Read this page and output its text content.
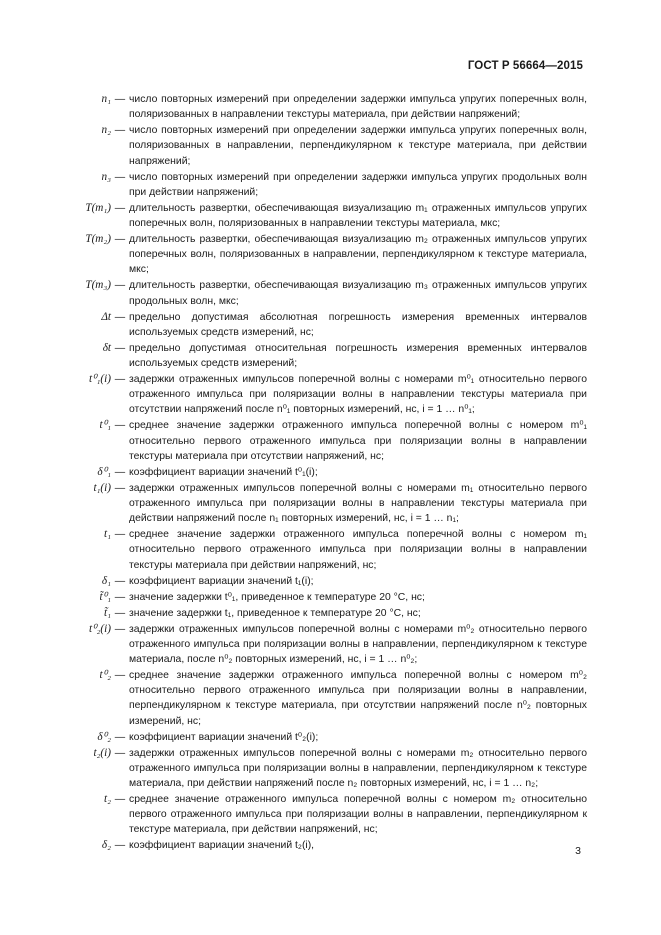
ГОСТ Р 56664—2015
n₁ — число повторных измерений при определении задержки импульса упругих поперечных волн, поляризованных в направлении текстуры материала, при действии напряжений;
n₂ — число повторных измерений при определении задержки импульса упругих поперечных волн, поляризованных в направлении, перпендикулярном к текстуре материала, при действии напряжений;
n₃ — число повторных измерений при определении задержки импульса упругих продольных волн при действии напряжений;
T(m₁) — длительность развертки, обеспечивающая визуализацию m₁ отраженных импульсов упругих поперечных волн, поляризованных в направлении текстуры материала, мкс;
T(m₂) — длительность развертки, обеспечивающая визуализацию m₂ отраженных импульсов упругих поперечных волн, поляризованных в направлении, перпендикулярном к текстуре материала, мкс;
T(m₃) — длительность развертки, обеспечивающая визуализацию m₃ отраженных импульсов упругих продольных волн, мкс;
Δt — предельно допустимая абсолютная погрешность измерения временных интервалов используемых средств измерений, нс;
δt — предельно допустимая относительная погрешность измерения временных интервалов используемых средств измерений;
t⁰₁(i) — задержки отраженных импульсов поперечной волны с номерами m⁰₁ относительно первого отраженного импульса при поляризации волны в направлении текстуры материала при отсутствии напряжений после n⁰₁ повторных измерений, нс, i = 1 … n⁰₁;
t⁰₁ — среднее значение задержки отраженного импульса поперечной волны с номером m⁰₁ относительно первого отраженного импульса при поляризации волны в направлении текстуры материала при отсутствии напряжений, нс;
δ⁰₁ — коэффициент вариации значений t⁰₁(i);
t₁(i) — задержки отраженных импульсов поперечной волны с номерами m₁ относительно первого отраженного импульса при поляризации волны в направлении текстуры материала при действии напряжений после n₁ повторных измерений, нс, i = 1 … n₁;
t₁ — среднее значение задержки отраженного импульса поперечной волны с номером m₁ относительно первого отраженного импульса при поляризации волны в направлении текстуры материала при действии напряжений, нс;
δ₁ — коэффициент вариации значений t₁(i);
t̃⁰₁ — значение задержки t⁰₁, приведенное к температуре 20 °С, нс;
t̃₁ — значение задержки t₁, приведенное к температуре 20 °С, нс;
t⁰₂(i) — задержки отраженных импульсов поперечной волны с номерами m⁰₂ относительно первого отраженного импульса при поляризации волны в направлении, перпендикулярном к текстуре материала, после n⁰₂ повторных измерений, нс, i = 1 … n⁰₂;
t⁰₂ — среднее значение задержки отраженного импульса поперечной волны с номером m⁰₂ относительно первого отраженного импульса при поляризации волны в направлении, перпендикулярном к текстуре материала, при отсутствии напряжений после n⁰₂ повторных измерений, нс;
δ⁰₂ — коэффициент вариации значений t⁰₂(i);
t₂(i) — задержки отраженных импульсов поперечной волны с номерами m₂ относительно первого отраженного импульса при поляризации волны в направлении, перпендикулярном к текстуре материала, при действии напряжений после n₂ повторных измерений, нс, i = 1 … n₂;
t₂ — среднее значение отраженного импульса поперечной волны с номером m₂ относительно первого отраженного импульса при поляризации волны в направлении, перпендикулярном к текстуре материала, при действии напряжений, нс;
δ₂ — коэффициент вариации значений t₂(i),	3
